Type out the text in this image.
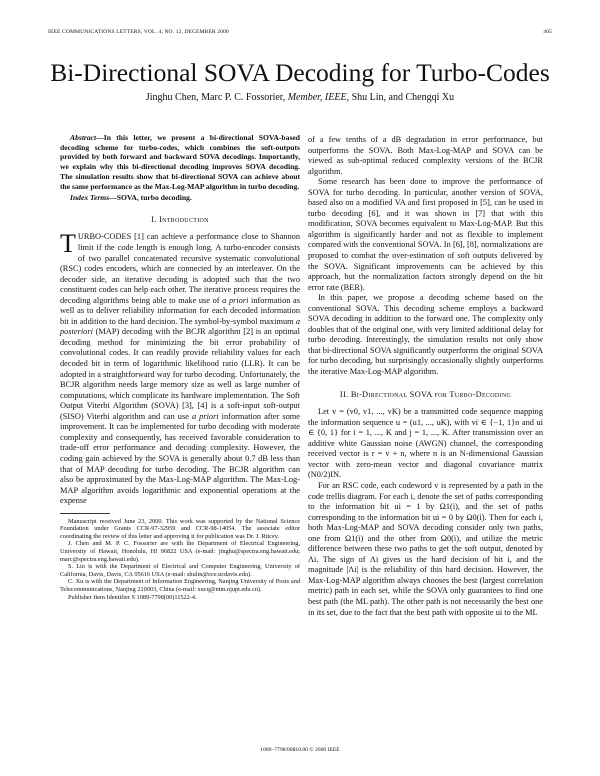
IEEE COMMUNICATIONS LETTERS, VOL. 4, NO. 12, DECEMBER 2000	405
Bi-Directional SOVA Decoding for Turbo-Codes
Jinghu Chen, Marc P. C. Fossorier, Member, IEEE, Shu Lin, and Chengqi Xu

Abstract—In this letter, we present a bi-directional SOVA-based decoding scheme for turbo-codes, which combines the soft-outputs provided by both forward and backward SOVA decodings. Importantly, we explain why this bi-directional decoding improves SOVA decoding. The simulation results show that bi-directional SOVA can achieve about the same performance as the Max-Log-MAP algorithm in turbo decoding.

Index Terms—SOVA, turbo decoding.

I. Introduction

TURBO-CODES [1] can achieve a performance close to Shannon limit if the code length is enough long. A turbo-encoder consists of two parallel concatenated recursive systematic convolutional (RSC) codes encoders, which are connected by an interleaver. On the decoder side, an iterative decoding is adopted such that the two constituent codes can help each other. The iterative process requires the decoding algorithms being able to make use of a priori information as well as to deliver reliability information for each decoded information bit in addition to the hard decision. The symbol-by-symbol maximum a posteriori (MAP) decoding with the BCJR algorithm [2] is an optimal decoding method for minimizing the bit error probability of convolutional codes. It can readily provide reliability values for each decoded bit in term of logarithmic likelihood ratio (LLR). It can be adopted in a straightforward way for turbo decoding. Unfortunately, the BCJR algorithm needs large memory size as well as large number of computations, which complicate its hardware implementation. The Soft Output Viterbi Algorithm (SOVA) [3], [4] is a soft-input soft-output (SISO) Viterbi algorithm and can use a priori information after some improvement. It can be implemented for turbo decoding with moderate complexity and consequently, has received favorable consideration to trade-off error performance and decoding complexity. However, the coding gain achieved by the SOVA is generally about 0.7 dB less than that of MAP decoding for turbo decoding. The BCJR algorithm can also be approximated by the Max-Log-MAP algorithm. The Max-Log-MAP algorithm avoids logarithmic and exponential operations at the expense

Manuscript received June 23, 2000. This work was supported by the National Science Foundation under Grants CCR-97-32959 and CCR-98-14054. The associate editor coordinating the review of this letter and approving it for publication was Dr. J. Ritcey.

J. Chen and M. P. C. Fossorier are with the Department of Electrical Engineering, University of Hawaii, Honolulu, HI 96822 USA (e-mail: jinghu@spectra.eng.hawaii.edu; marc@spectra.eng.hawaii.edu).

S. Lin is with the Department of Electrical and Computer Engineering, University of California, Davis, Davis, CA 95616 USA (e-mail: shulin@ece.ucdavis.edu).

C. Xu is with the Department of Information Engineering, Nanjing University of Posts and Telecommunications, Nanjing 210003, China (e-mail: xucq@ntm.njupt.edu.cn).

Publisher Item Identifier S 1089-7798(00)11522-4.

of a few tenths of a dB degradation in error performance, but outperforms the SOVA. Both Max-Log-MAP and SOVA can be viewed as sub-optimal reduced complexity versions of the BCJR algorithm.

Some research has been done to improve the performance of SOVA for turbo decoding. In particular, another version of SOVA, based also on a modified VA and first proposed in [5], can be used in turbo decoding [6], and it was shown in [7] that with this modification, SOVA becomes equivalent to Max-Log-MAP. But this algorithm is significantly harder and not as flexible to implement compared with the conventional SOVA. In [6], [8], normalizations are proposed to combat the over-estimation of soft outputs delivered by the SOVA. Significant improvements can be achieved by this approach, but the normalization factors strongly depend on the bit error rate (BER).

In this paper, we propose a decoding scheme based on the conventional SOVA. This decoding scheme employs a backward SOVA decoding in addition to the forward one. The complexity only doubles that of the original one, with very limited additional delay for turbo decoding. Interestingly, the simulation results not only show that bi-directional SOVA significantly outperforms the original SOVA for turbo decoding, but surprisingly occasionally slightly outperforms the iterative Max-Log-MAP algorithm.

II. Bi-Directional SOVA for Turbo-Decoding

Let v = (v0, v1, ..., vK) be a transmitted code sequence mapping the information sequence u = (u1, ..., uK), with vi ∈ {−1, 1}n and ui ∈ {0, 1} for i = 1, ..., K and j = 1, ..., K. After transmission over an additive white Gaussian noise (AWGN) channel, the corresponding received vector is r = v + n, where n is an N-dimensional Gaussian vector with zero-mean vector and diagonal covariance matrix (N0/2)IN.

For an RSC code, each codeword v is represented by a path in the code trellis diagram. For each i, denote the set of paths corresponding to the information bit ui = 1 by Ω1(i), and the set of paths corresponding to the information bit ui = 0 by Ω0(i). Then for each i, both Max-Log-MAP and SOVA decoding consider only two paths, one from Ω1(i) and the other from Ω0(i), and utilize the metric difference between these two paths to get the soft output, denoted by Λi. The sign of Λi gives us the hard decision of bit i, and the magnitude |Λi| is the reliability of this hard decision. However, the Max-Log-MAP algorithm always chooses the best (largest correlation metric) path in each set, while the SOVA only guarantees to find one best path (the ML path). The other path is not necessarily the best one in its set, due to the fact that the best path with opposite ui to the ML

1089–7798/00$10.00 © 2000 IEEE
